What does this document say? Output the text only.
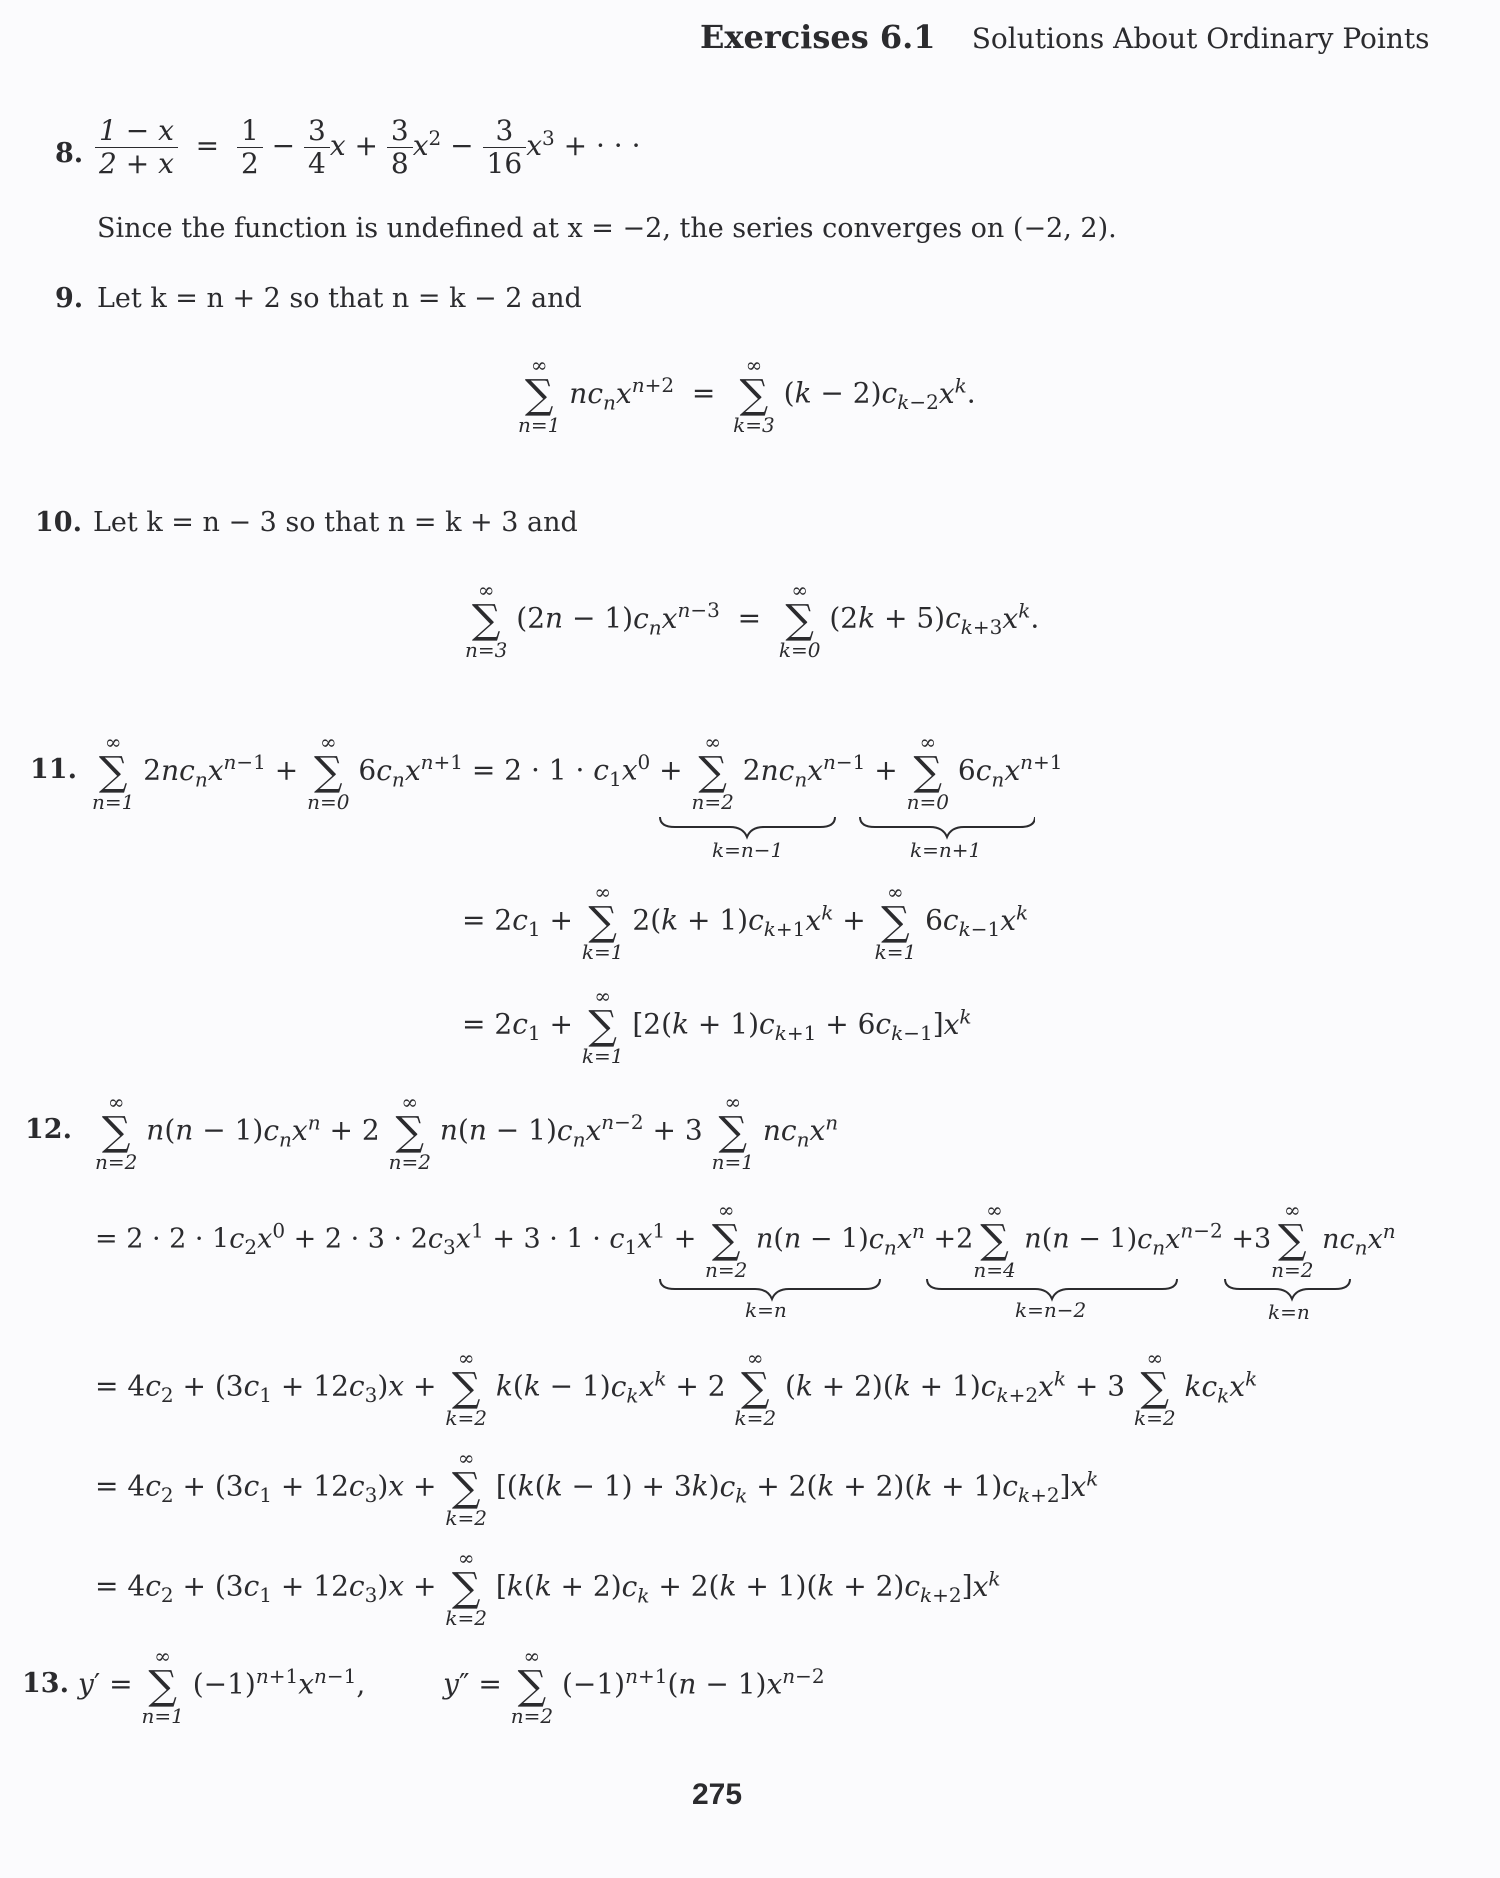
Exercises 6.1 Solutions About Ordinary Points
8. $\frac{1 - x}{2 + x} = \frac{1}{2} - \frac{3}{4}$ $x + \frac{3}{8} x^2 - \frac{3}{16} x^3$ + · · ·
Since the function is undefined at x = −2, the series converges on (−2, 2).
9. Let k = n + 2 so that n = k − 2 and
∞
∑
n=1
$nc_nx^{n+2}$  =
∞
∑
k=3
$(k - 2)c_{k-2}x^k$.
10. Let k = n − 3 so that n = k + 3 and
∞
∑
n=3
$(2n - 1)c_nx^{n-3}$  =
∞
∑
k=0
$(2k + 5)c_{k+3}x^k$.
11.
∞
∑
n=1
$2nc_nx^{n-1}$ +
∞
∑
n=0
$6c_nx^{n+1} = 2 \cdot 1 \cdot c_1x^0$ +
∞
∑
n=2
$2nc_nx^{n-1}$ +
∞
∑
n=0
$6c_nx^{n+1}$
k=n−1	k=n+1
= $2c_1$ +
∞
∑
k=1
$2(k + 1)c_{k+1}x^k$ +
∞
∑
k=1
$6c_{k-1}x^k$
= $2c_1$ +
∞
∑
k=1
$[2(k + 1)c_{k+1} + 6c_{k-1}]x^k$
12.
∞
∑
n=2
$n(n - 1)c_nx^n + 2$
∞
∑
n=2
$n(n - 1)c_nx^{n-2} + 3$
∞
∑
n=1
$nc_nx^n$
= $2 \cdot 2 \cdot 1c_2x^0 + 2 \cdot 3 \cdot 2c_3x^1 + 3 \cdot 1 \cdot c_1x^1$ +
∞
∑
n=2
$n(n - 1)c_nx^n +2$
∞
∑
n=4
$n(n - 1)c_nx^{n-2} +3$
∞
∑
n=2
$nc_nx^n$
k=n	k=n−2	k=n
= $4c_2 + (3c_1 + 12c_3)x$ +
∞
∑
k=2
$k(k - 1)c_kx^k + 2$
∞
∑
k=2
$(k + 2)(k + 1)c_{k+2}x^k + 3$
∞
∑
k=2
$kc_kx^k$
= $4c_2 + (3c_1 + 12c_3)x$ +
∞
∑
k=2
$[(k(k - 1) + 3k)c_k + 2(k + 2)(k + 1)c_{k+2}]x^k$
= $4c_2 + (3c_1 + 12c_3)x$ +
∞
∑
k=2
$[k(k + 2)c_k + 2(k + 1)(k + 2)c_{k+2}]x^k$
13. y′ =
∞
∑
n=1
$(-1)^{n+1}x^{n-1}$,  y″ =
∞
∑
n=2
$(-1)^{n+1}(n - 1)x^{n-2}$
275
